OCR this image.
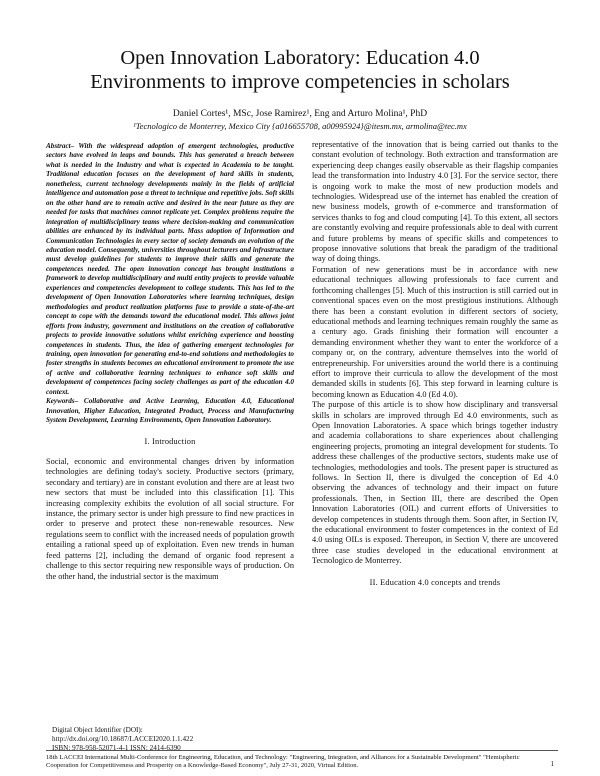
Open Innovation Laboratory: Education 4.0
Environments to improve competencies in scholars
Daniel Cortes¹, MSc, Jose Ramirez¹, Eng and Arturo Molina¹, PhD
¹Tecnologico de Monterrey, Mexico City {a016655708, a00995924}@itesm.mx, armolina@tec.mx
Abstract– With the widespread adoption of emergent technologies, productive sectors have evolved in leaps and bounds. This has generated a breach between what is needed in the Industry and what is expected in Academia to be taught. Traditional education focuses on the development of hard skills in students, nonetheless, current technology developments mainly in the fields of artificial intelligence and automation pose a threat to technique and repetitive jobs. Soft skills on the other hand are to remain active and desired in the near future as they are needed for tasks that machines cannot replicate yet. Complex problems require the integration of multidisciplinary teams where decision-making and communication abilities are enhanced by its individual parts. Mass adoption of Information and Communication Technologies in every sector of society demands an evolution of the education model. Consequently, universities throughout lecturers and infrastructure must develop guidelines for students to improve their skills and generate the competences needed. The open innovation concept has brought institutions a framework to develop multidisciplinary and multi entity projects to provide valuable experiences and competencies development to college students. This has led to the development of Open Innovation Laboratories where learning techniques, design methodologies and product realization platforms fuse to provide a state-of-the-art concept to cope with the demands toward the educational model. This allows joint efforts from industry, government and institutions on the creation of collaborative projects to provide innovative solutions whilst enriching experience and boosting competences in students. Thus, the idea of gathering emergent technologies for training, open innovation for generating end-to-end solutions and methodologies to foster strengths in students becomes an educational environment to promote the use of active and collaborative learning techniques to enhance soft skills and development of competences facing society challenges as part of the education 4.0 context.
Keywords– Collaborative and Active Learning, Education 4.0, Educational Innovation, Higher Education, Integrated Product, Process and Manufacturing System Development, Learning Environments, Open Innovation Laboratory.
I. Introduction

Social, economic and environmental changes driven by information technologies are defining today's society. Productive sectors (primary, secondary and tertiary) are in constant evolution and there are at least two new sectors that must be included into this classification [1]. This increasing complexity exhibits the evolution of all social structure. For instance, the primary sector is under high pressure to find new practices in order to preserve and protect these non-renewable resources. New regulations seem to conflict with the increased needs of population growth entailing a rational speed up of exploitation. Even new trends in human feed patterns [2], including the demand of organic food represent a challenge to this sector requiring new responsible ways of production. On the other hand, the industrial sector is the maximum

representative of the innovation that is being carried out thanks to the constant evolution of technology. Both extraction and transformation are experiencing deep changes easily observable as their flagship companies lead the transformation into Industry 4.0 [3]. For the service sector, there is ongoing work to make the most of new production models and technologies. Widespread use of the internet has enabled the creation of new business models, growth of e-commerce and transformation of services thanks to fog and cloud computing [4]. To this extent, all sectors are constantly evolving and require professionals able to deal with current and future problems by means of specific skills and competences to propose innovative solutions that break the paradigm of the traditional way of doing things.

Formation of new generations must be in accordance with new educational techniques allowing professionals to face current and forthcoming challenges [5]. Much of this instruction is still carried out in conventional spaces even on the most prestigious institutions. Although there has been a constant evolution in different sectors of society, educational methods and learning techniques remain roughly the same as a century ago. Grads finishing their formation will encounter a demanding environment whether they want to enter the workforce of a company or, on the contrary, adventure themselves into the world of entrepreneurship. For universities around the world there is a continuing effort to improve their curricula to allow the development of the most demanded skills in students [6]. This step forward in learning culture is becoming known as Education 4.0 (Ed 4.0).

The purpose of this article is to show how disciplinary and transversal skills in scholars are improved through Ed 4.0 environments, such as Open Innovation Laboratories. A space which brings together industry and academia collaborations to share experiences about challenging engineering projects, promoting an integral development for students. To address these challenges of the productive sectors, students make use of technologies, methodologies and tools. The present paper is structured as follows. In Section II, there is divulged the conception of Ed 4.0 observing the advances of technology and their impact on future professionals. Then, in Section III, there are described the Open Innovation Laboratories (OIL) and current efforts of Universities to develop competences in students through them. Soon after, in Section IV, the educational environment to foster competences in the context of Ed 4.0 using OILs is exposed. Thereupon, in Section V, there are uncovered three case studies developed in the educational environment at Tecnologico de Monterrey.

II. Education 4.0 concepts and trends
Digital Object Identifier (DOI):
http://dx.doi.org/10.18687/LACCEI2020.1.1.422
ISBN: 978-958-52071-4-1 ISSN: 2414-6390
18th LACCEI International Multi-Conference for Engineering, Education, and Technology: "Engineering, Integration, and Alliances for a Sustainable Development" "Hemispheric Cooperation for Competitiveness and Prosperity on a Knowledge-Based Economy", July 27-31, 2020, Virtual Edition.	1
